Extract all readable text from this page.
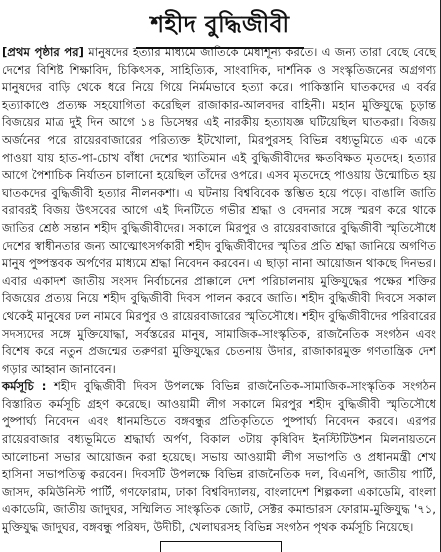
শহীদ বুদ্ধিজীবী

[প্রথম পৃষ্ঠার পর] মানুষদের হত্যার মাধ্যমে জাতিকে মেধাশূন্য করতে। এ জন্য তারা বেছে বেছে দেশের বিশিষ্ট শিক্ষাবিদ, চিকিৎসক, সাহিত্যিক, সাংবাদিক, দার্শনিক ও সংস্কৃতিজনের অগ্রগণ্য মানুষদের বাড়ি থেকে ধরে নিয়ে গিয়ে নির্মমভাবে হত্যা করে। পাকিস্তানি ঘাতকদের এ বর্বর হত্যাকাণ্ডে প্রত্যক্ষ সহযোগিতা করেছিল রাজাকার-আলবদর বাহিনী। মহান মুক্তিযুদ্ধে চূড়ান্ত বিজয়ের মাত্র দুই দিন আগে ১৪ ডিসেম্বর এই নারকীয় হত্যাযজ্ঞ ঘটিয়েছিল ঘাতকরা। বিজয় অর্জনের পরে রায়েরবাজারের পরিত্যক্ত ইটখোলা, মিরপুরসহ বিভিন্ন বধ্যভূমিতে এক একে পাওয়া যায় হাত-পা-চোখ বাঁধা দেশের খ্যাতিমান এই বুদ্ধিজীবীদের ক্ষতবিক্ষত মৃতদেহ। হত্যার আগে পৈশাচিক নির্যাতন চালানো হয়েছিল তাঁদের ওপরে। এসব মৃতদেহে পাওয়ায় উন্মোচিত হয় ঘাতকদের বুদ্ধিজীবী হত্যার নীলনকশা। এ ঘটনায় বিশ্ববিবেক স্তম্ভিত হয়ে পড়ে। বাঙালি জাতি বরাবরই বিজয় উৎসবের আগে এই দিনটিতে গভীর শ্রদ্ধা ও বেদনার সঙ্গে স্মরণ করে থাকে জাতির শ্রেষ্ঠ সন্তান শহীদ বুদ্ধিজীবীদের। সকালে মিরপুর ও রায়েরবাজারে বুদ্ধিজীবী স্মৃতিসৌধে দেশের স্বাধীনতার জন্য আত্মোৎসর্গকারী শহীদ বুদ্ধিজীবীদের স্মৃতির প্রতি শ্রদ্ধা জানিয়ে অগণিত মানুষ পুষ্পস্তবক অর্পণের মাধ্যমে শ্রদ্ধা নিবেদন করবেন। এ ছাড়া নানা আয়োজন থাকছে দিনভর। এবার একাদশ জাতীয় সংসদ নির্বাচনের প্রাক্কালে দেশ পরিচালনায় মুক্তিযুদ্ধের পক্ষের শক্তির বিজয়ের প্রত্যয় নিয়ে শহীদ বুদ্ধিজীবী দিবস পালন করবে জাতি। শহীদ বুদ্ধিজীবী দিবসে সকাল থেকেই মানুষের ঢল নামবে মিরপুর ও রায়েরবাজারের স্মৃতিসৌধে। শহীদ বুদ্ধিজীবীদের পরিবারের সদস্যদের সঙ্গে মুক্তিযোদ্ধা, সর্বস্তরের মানুষ, সামাজিক-সাংস্কৃতিক, রাজনৈতিক সংগঠন এবং বিশেষ করে নতুন প্রজন্মের তরুণরা মুক্তিযুদ্ধের চেতনায় উদার, রাজাকারমুক্ত গণতান্ত্রিক দেশ গড়ার আহ্বান জানাবেন।

কর্মসূচি : শহীদ বুদ্ধিজীবী দিবস উপলক্ষে বিভিন্ন রাজনৈতিক-সামাজিক-সাংস্কৃতিক সংগঠন বিস্তারিত কর্মসূচি গ্রহণ করেছে। আওয়ামী লীগ সকালে মিরপুর শহীদ বুদ্ধিজীবী স্মৃতিসৌধে পুষ্পার্ঘ্য নিবেদন এবং ধানমন্ডিতে বঙ্গবন্ধুর প্রতিকৃতিতে পুষ্পার্ঘ্য নিবেদন করবে। এরপর রায়েরবাজার বধ্যভূমিতে শ্রদ্ধার্ঘ্য অর্পণ, বিকাল ৩টায় কৃষিবিদ ইনস্টিটিউশন মিলনায়তনে আলোচনা সভার আয়োজন করা হয়েছে। সভায় আওয়ামী লীগ সভাপতি ও প্রধানমন্ত্রী শেখ হাসিনা সভাপতিত্ব করবেন। দিবসটি উপলক্ষে বিভিন্ন রাজনৈতিক দল, বিএনপি, জাতীয় পার্টি, জাসদ, কমিউনিস্ট পার্টি, গণফোরাম, ঢাকা বিশ্ববিদ্যালয়, বাংলাদেশ শিল্পকলা একাডেমি, বাংলা একাডেমি, জাতীয় জাদুঘর, সম্মিলিত সাংস্কৃতিক জোট, সেক্টর কমান্ডারস ফোরাম-মুক্তিযুদ্ধ '৭১, মুক্তিযুদ্ধ জাদুঘর, বঙ্গবন্ধু পরিষদ, উদীচী, খেলাঘরসহ বিভিন্ন সংগঠন পৃথক কর্মসূচি নিয়েছে।
